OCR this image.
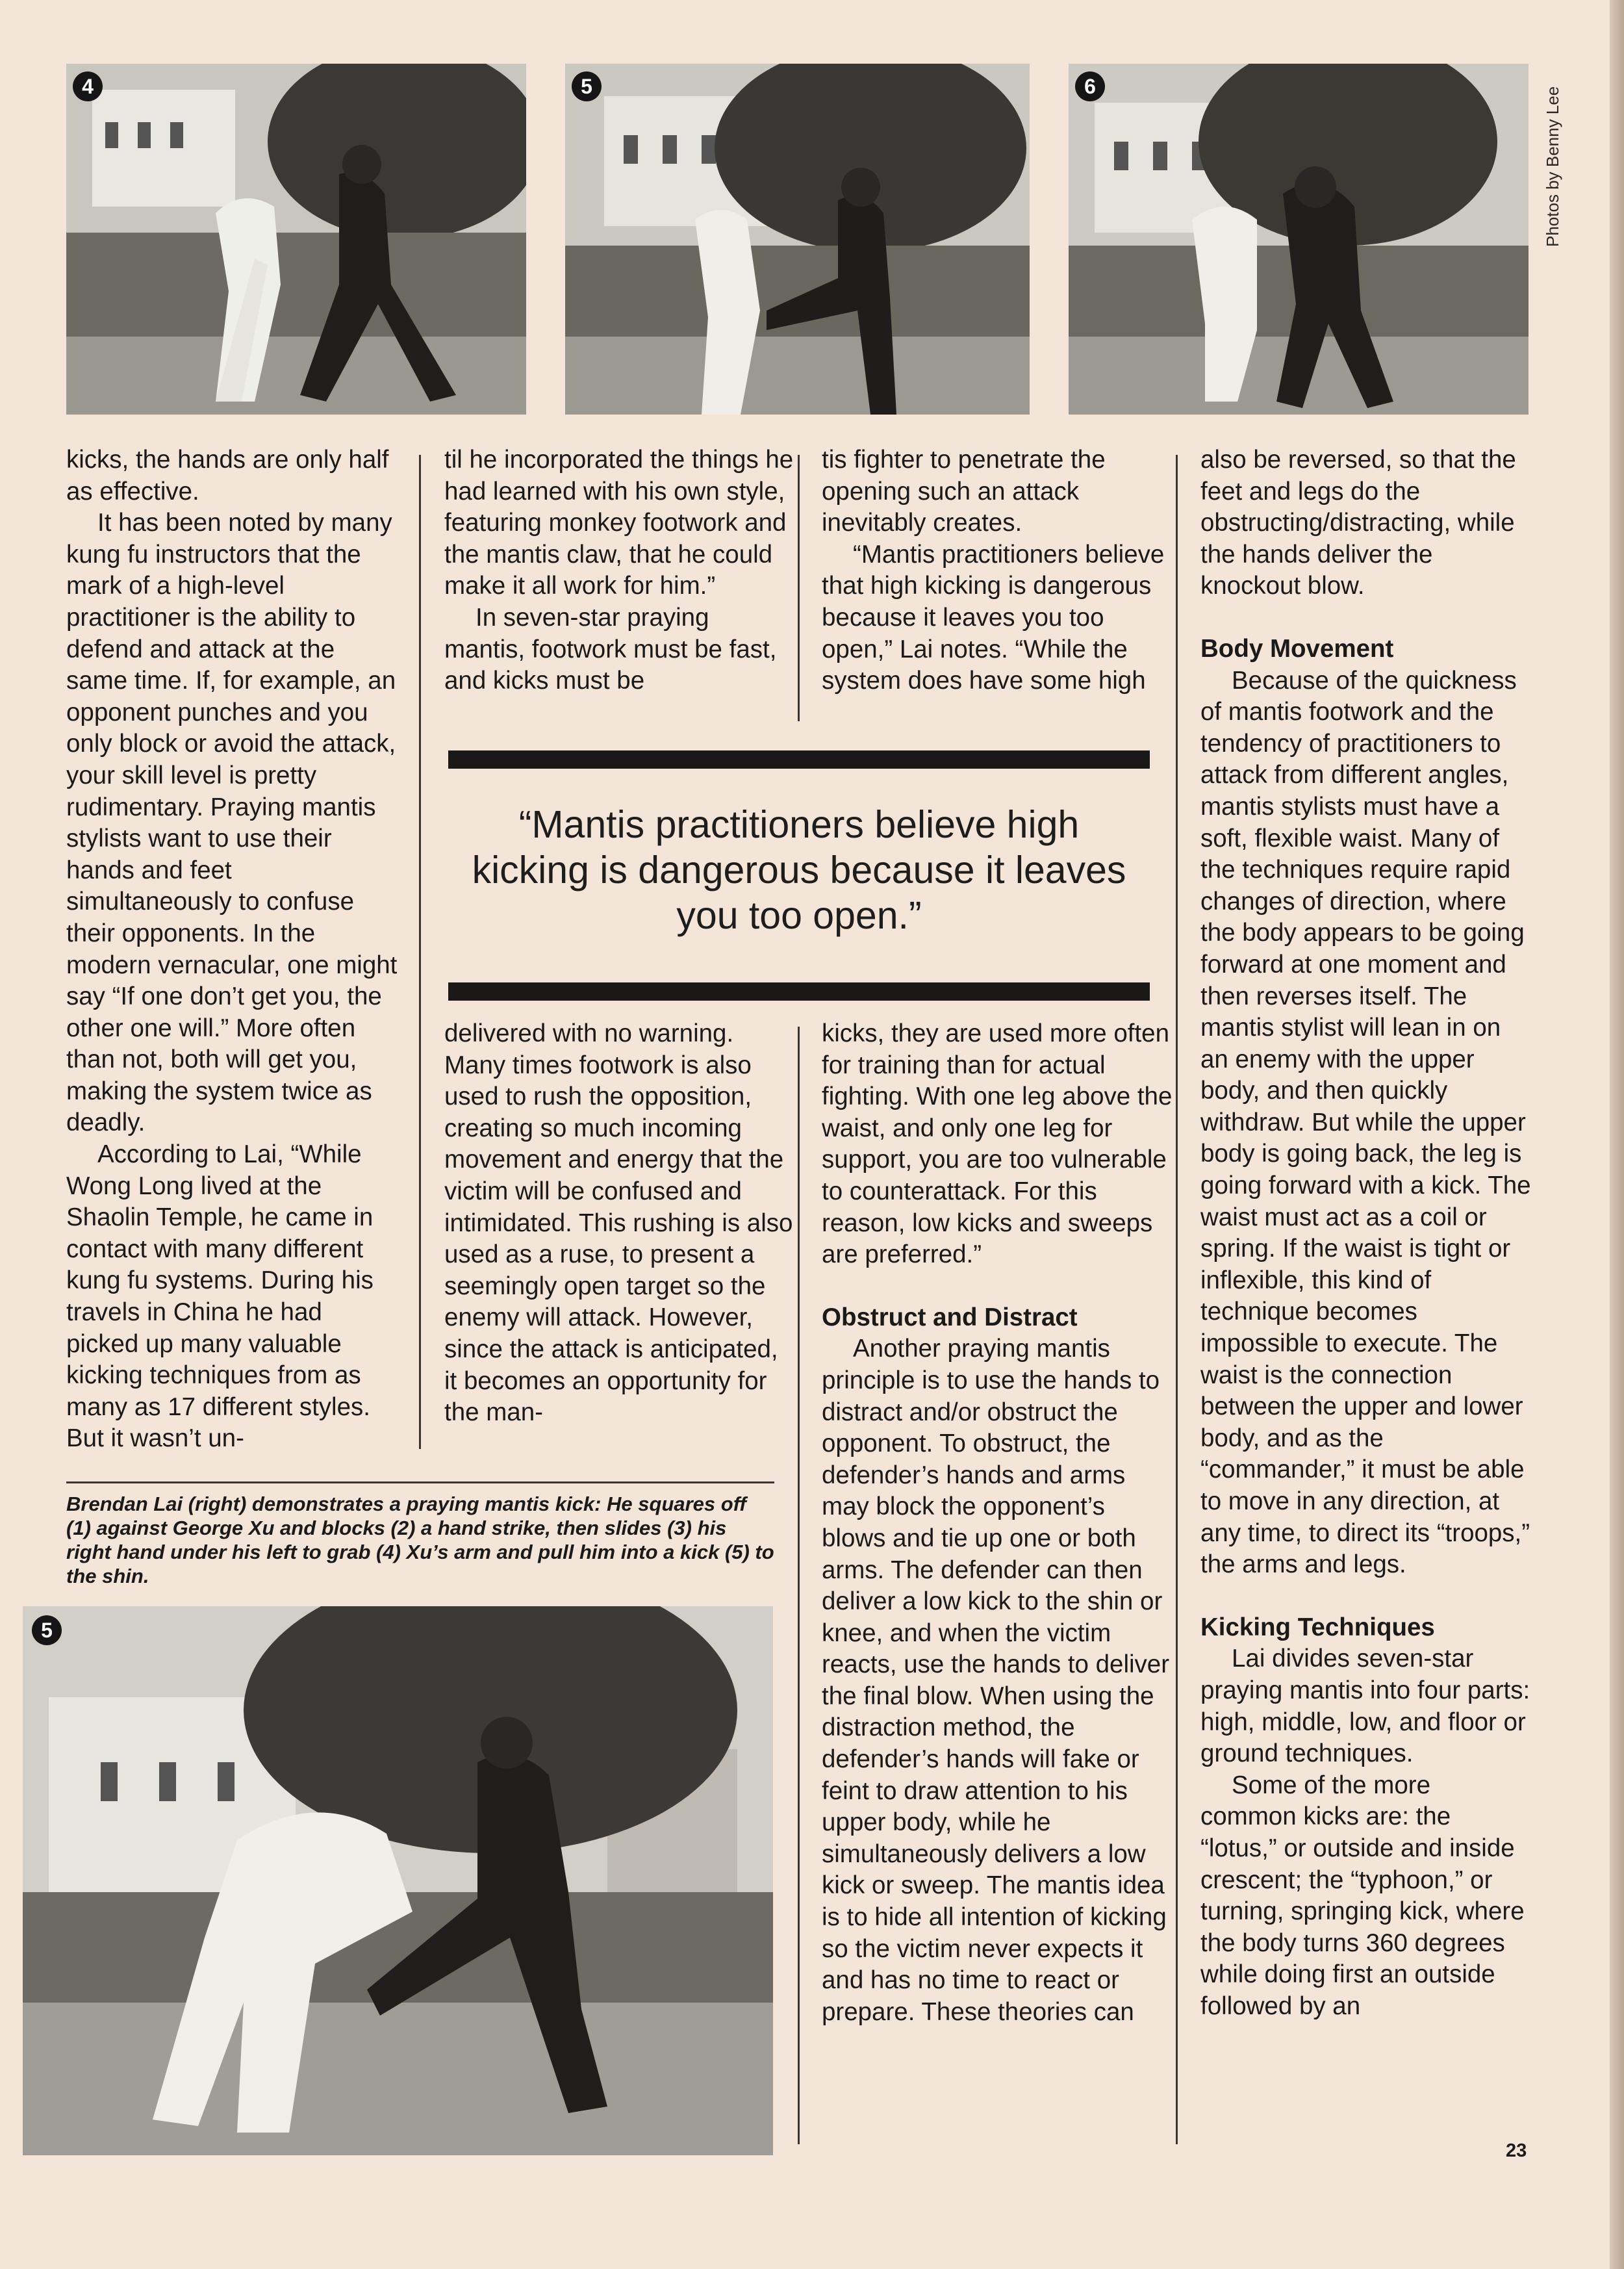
4	5	6	Photos by Benny Lee

kicks, the hands are only half as effective.

It has been noted by many kung fu instructors that the mark of a high-level practitioner is the ability to defend and attack at the same time. If, for example, an opponent punches and you only block or avoid the attack, your skill level is pretty rudimentary. Praying mantis stylists want to use their hands and feet simultaneously to confuse their opponents. In the modern vernacular, one might say “If one don’t get you, the other one will.” More often than not, both will get you, making the system twice as deadly.

According to Lai, “While Wong Long lived at the Shaolin Temple, he came in contact with many different kung fu systems. During his travels in China he had picked up many valuable kicking techniques from as many as 17 different styles. But it wasn’t un-

til he incorporated the things he had learned with his own style, featuring monkey footwork and the mantis claw, that he could make it all work for him.”

In seven-star praying mantis, footwork must be fast, and kicks must be

tis fighter to penetrate the opening such an attack inevitably creates.

“Mantis practitioners believe that high kicking is dangerous because it leaves you too open,” Lai notes. “While the system does have some high

“Mantis practitioners believe high kicking is dangerous because it leaves you too open.”

delivered with no warning. Many times footwork is also used to rush the opposition, creating so much incoming movement and energy that the victim will be confused and intimidated. This rushing is also used as a ruse, to present a seemingly open target so the enemy will attack. However, since the attack is anticipated, it becomes an opportunity for the man-

kicks, they are used more often for training than for actual fighting. With one leg above the waist, and only one leg for support, you are too vulnerable to counterattack. For this reason, low kicks and sweeps are preferred.”

Obstruct and Distract

Another praying mantis principle is to use the hands to distract and/or obstruct the opponent. To obstruct, the defender’s hands and arms may block the opponent’s blows and tie up one or both arms. The defender can then deliver a low kick to the shin or knee, and when the victim reacts, use the hands to deliver the final blow. When using the distraction method, the defender’s hands will fake or feint to draw attention to his upper body, while he simultaneously delivers a low kick or sweep. The mantis idea is to hide all intention of kicking so the victim never expects it and has no time to react or prepare. These theories can

also be reversed, so that the feet and legs do the obstructing/distracting, while the hands deliver the knockout blow.

Body Movement

Because of the quickness of mantis footwork and the tendency of practitioners to attack from different angles, mantis stylists must have a soft, flexible waist. Many of the techniques require rapid changes of direction, where the body appears to be going forward at one moment and then reverses itself. The mantis stylist will lean in on an enemy with the upper body, and then quickly withdraw. But while the upper body is going back, the leg is going forward with a kick. The waist must act as a coil or spring. If the waist is tight or inflexible, this kind of technique becomes impossible to execute. The waist is the connection between the upper and lower body, and as the “commander,” it must be able to move in any direction, at any time, to direct its “troops,” the arms and legs.

Kicking Techniques

Lai divides seven-star praying mantis into four parts: high, middle, low, and floor or ground techniques.

Some of the more common kicks are: the “lotus,” or outside and inside crescent; the “typhoon,” or turning, springing kick, where the body turns 360 degrees while doing first an outside followed by an

Brendan Lai (right) demonstrates a praying mantis kick: He squares off (1) against George Xu and blocks (2) a hand strike, then slides (3) his right hand under his left to grab (4) Xu’s arm and pull him into a kick (5) to the shin.
5
23
